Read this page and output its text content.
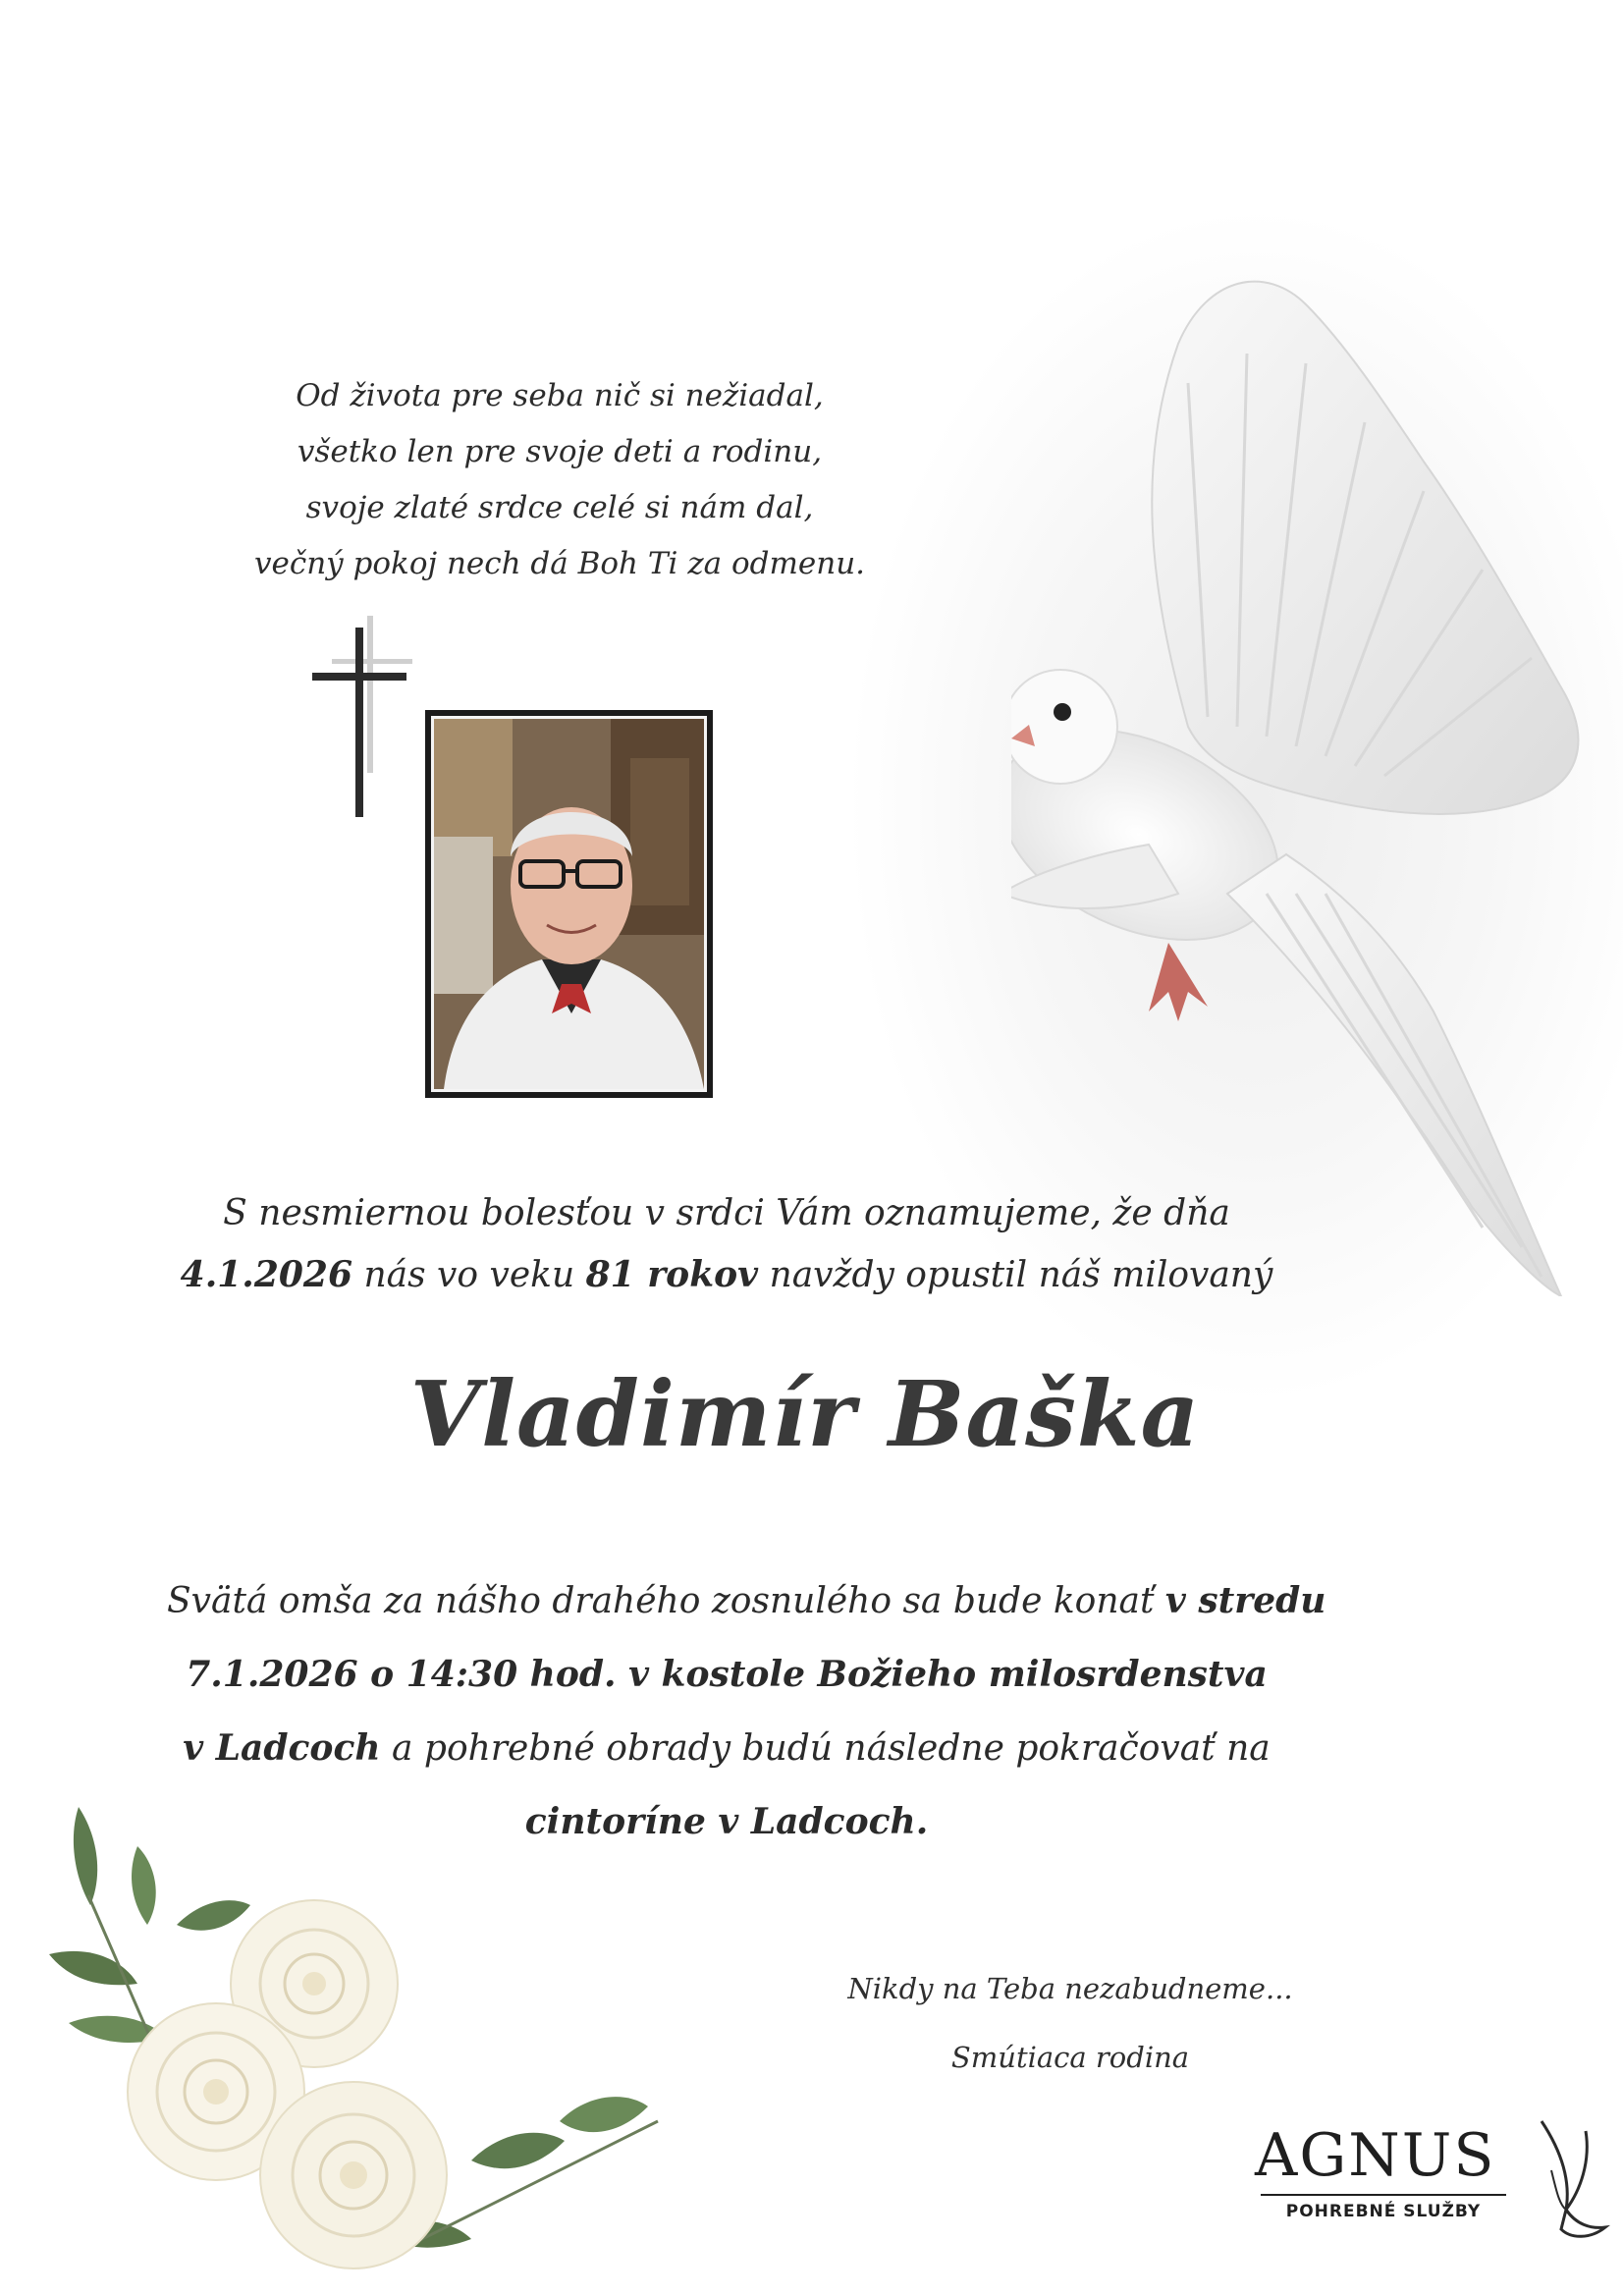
Od života pre seba nič si nežiadal,
všetko len pre svoje deti a rodinu,
svoje zlaté srdce celé si nám dal,
večný pokoj nech dá Boh Ti za odmenu.
S nesmiernou bolesťou v srdci Vám oznamujeme, že dňa
4.1.2026 nás vo veku 81 rokov navždy opustil náš milovaný
Vladimír Baška
Svätá omša za nášho drahého zosnulého sa bude konať v stredu
7.1.2026 o 14:30 hod. v kostole Božieho milosrdenstva
v Ladcoch a pohrebné obrady budú následne pokračovať na
cintoríne v Ladcoch.
Nikdy na Teba nezabudneme...
Smútiaca rodina
AGNUS
POHREBNÉ SLUŽBY
